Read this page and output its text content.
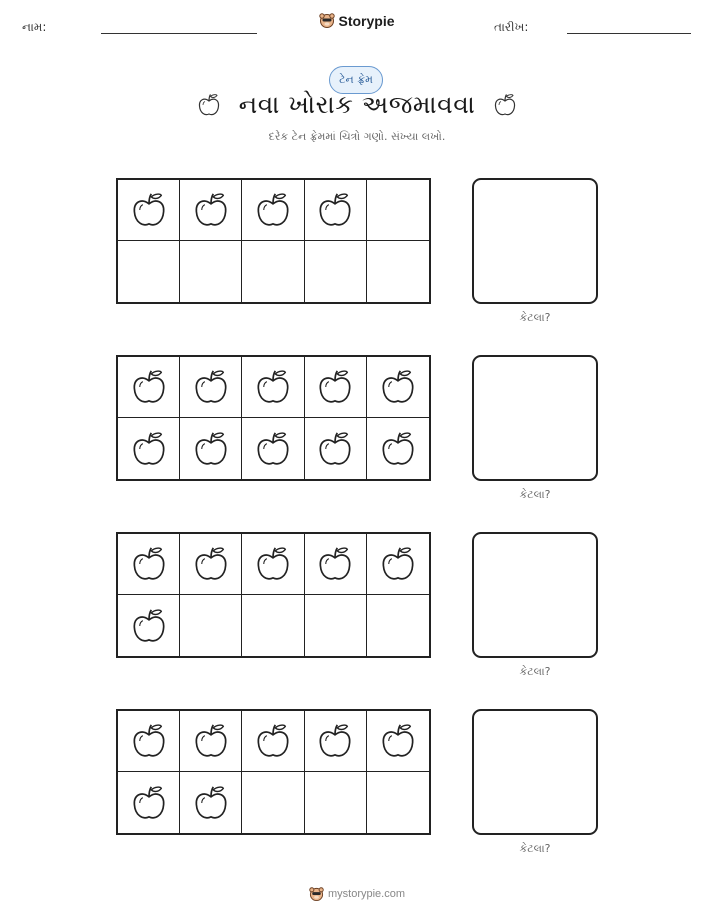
નામ:	Storypie	તારીખ:
ટેન ફ્રેમ
નવા ખોરાક અજમાવવા
દરેક ટેન ફ્રેમમાં ચિત્રો ગણો. સંખ્યા લખો.
કેટલા?
કેટલા?
કેટલા?
કેટલા?
mystorypie.com
